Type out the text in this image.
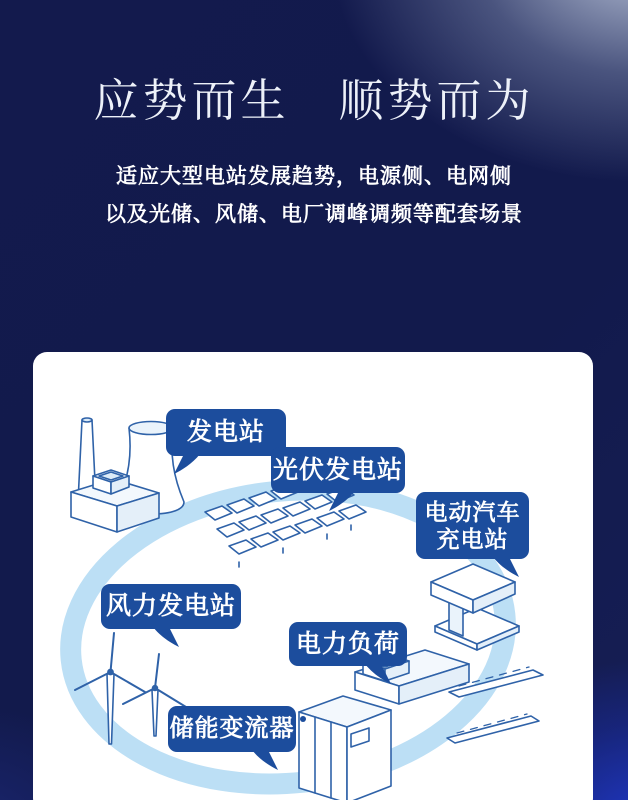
应势而生　顺势而为

适应大型电站发展趋势，电源侧、电网侧
以及光储、风储、电厂调峰调频等配套场景

发电站
光伏发电站
电动汽车
充电站
风力发电站
电力负荷
储能变流器
